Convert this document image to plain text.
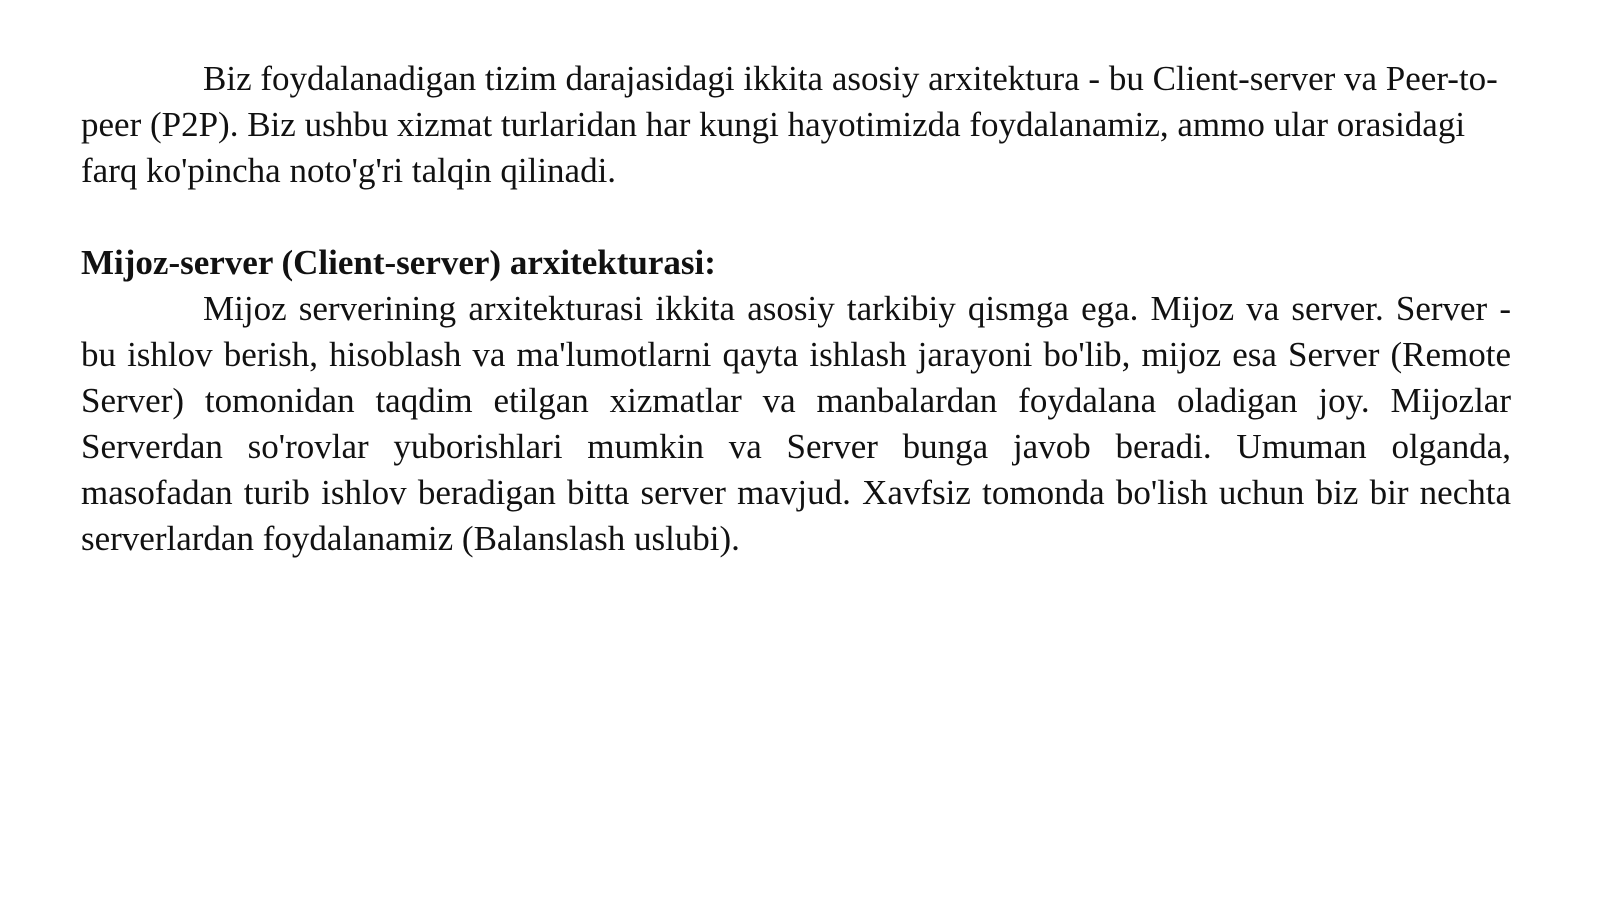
Biz foydalanadigan tizim darajasidagi ikkita asosiy arxitektura - bu Client-server va Peer-to-peer (P2P). Biz ushbu xizmat turlaridan har kungi hayotimizda foydalanamiz, ammo ular orasidagi farq ko'pincha noto'g'ri talqin qilinadi.

Mijoz-server (Client-server) arxitekturasi:

Mijoz serverining arxitekturasi ikkita asosiy tarkibiy qismga ega. Mijoz va server. Server - bu ishlov berish, hisoblash va ma'lumotlarni qayta ishlash jarayoni bo'lib, mijoz esa Server (Remote Server) tomonidan taqdim etilgan xizmatlar va manbalardan foydalana oladigan joy. Mijozlar Serverdan so'rovlar yuborishlari mumkin va Server bunga javob beradi. Umuman olganda, masofadan turib ishlov beradigan bitta server mavjud. Xavfsiz tomonda bo'lish uchun biz bir nechta serverlardan foydalanamiz (Balanslash uslubi).
